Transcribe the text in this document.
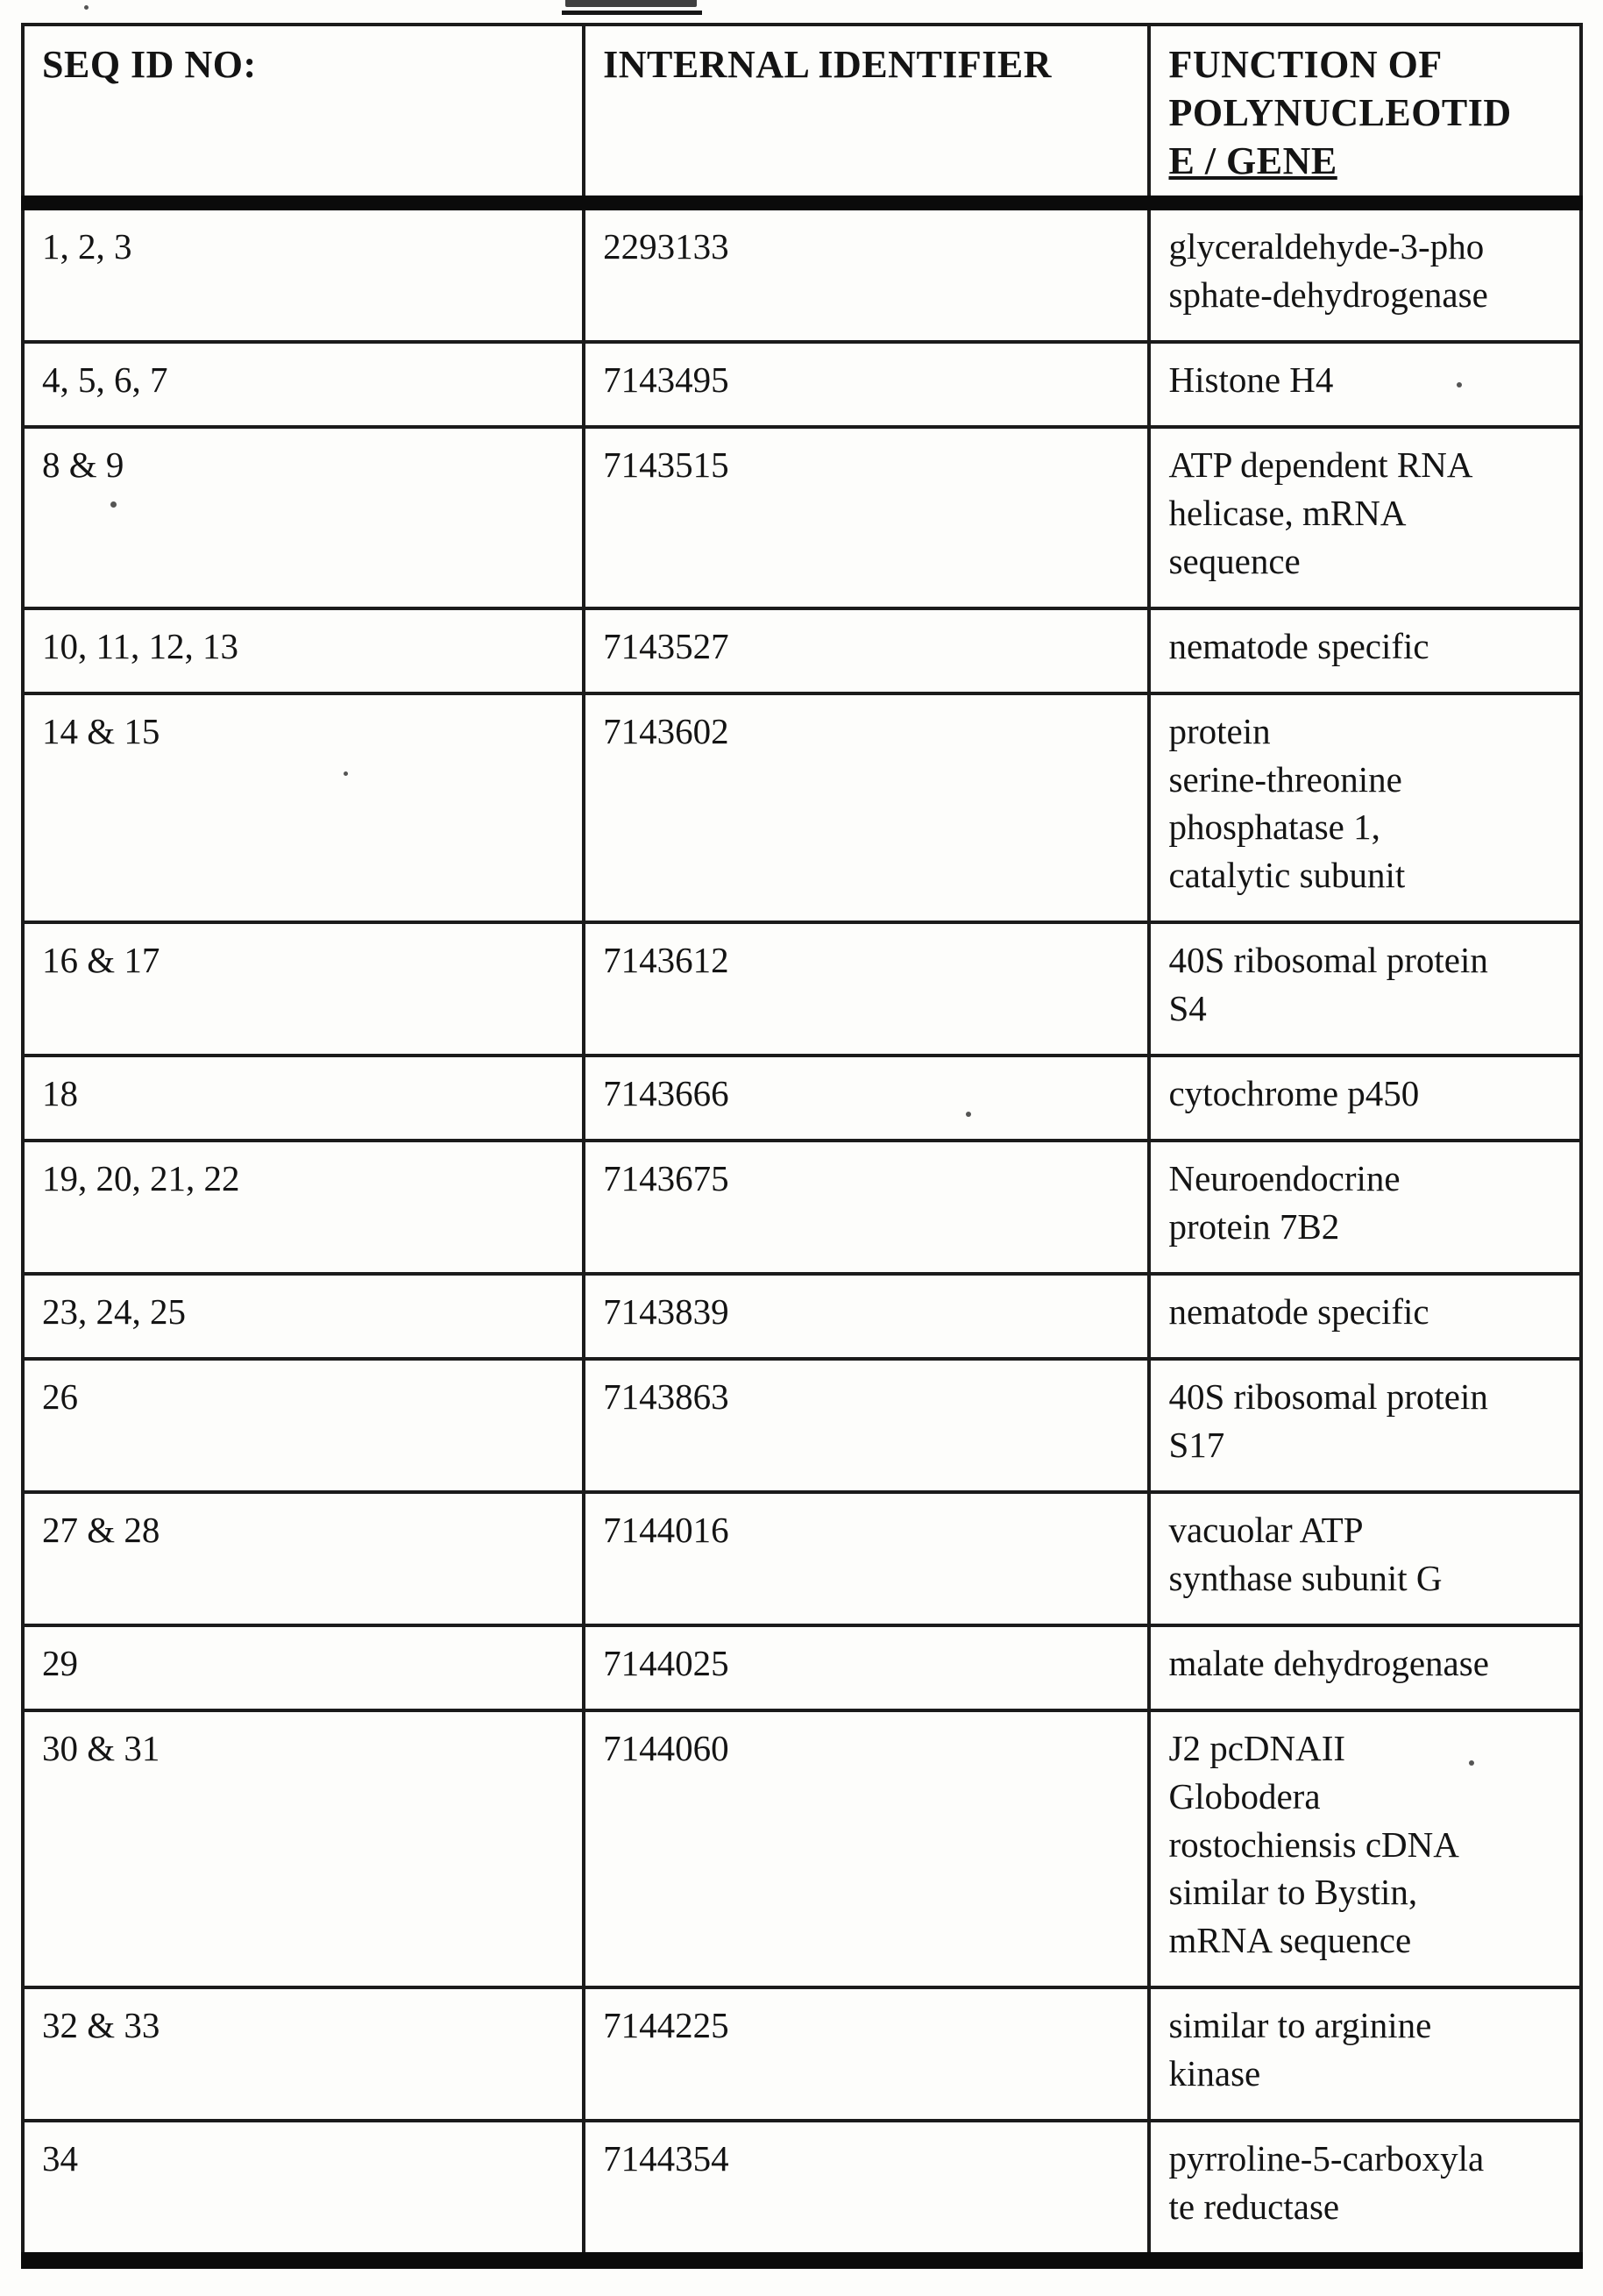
SEQ ID NO:	INTERNAL IDENTIFIER	FUNCTION OF
POLYNUCLEOTID
E / GENE

1, 2, 3	2293133	glyceraldehyde-3-pho
sphate-dehydrogenase
4, 5, 6, 7	7143495	Histone H4
8 & 9	7143515	ATP dependent RNA
helicase, mRNA
sequence
10, 11, 12, 13	7143527	nematode specific
14 & 15	7143602	protein
serine-threonine
phosphatase 1,
catalytic subunit
16 & 17	7143612	40S ribosomal protein
S4
18	7143666	cytochrome p450
19, 20, 21, 22	7143675	Neuroendocrine
protein 7B2
23, 24, 25	7143839	nematode specific
26	7143863	40S ribosomal protein
S17
27 & 28	7144016	vacuolar ATP
synthase subunit G
29	7144025	malate dehydrogenase
30 & 31	7144060	J2 pcDNAII
Globodera
rostochiensis cDNA
similar to Bystin,
mRNA sequence
32 & 33	7144225	similar to arginine
kinase
34	7144354	pyrroline-5-carboxyla
te reductase
